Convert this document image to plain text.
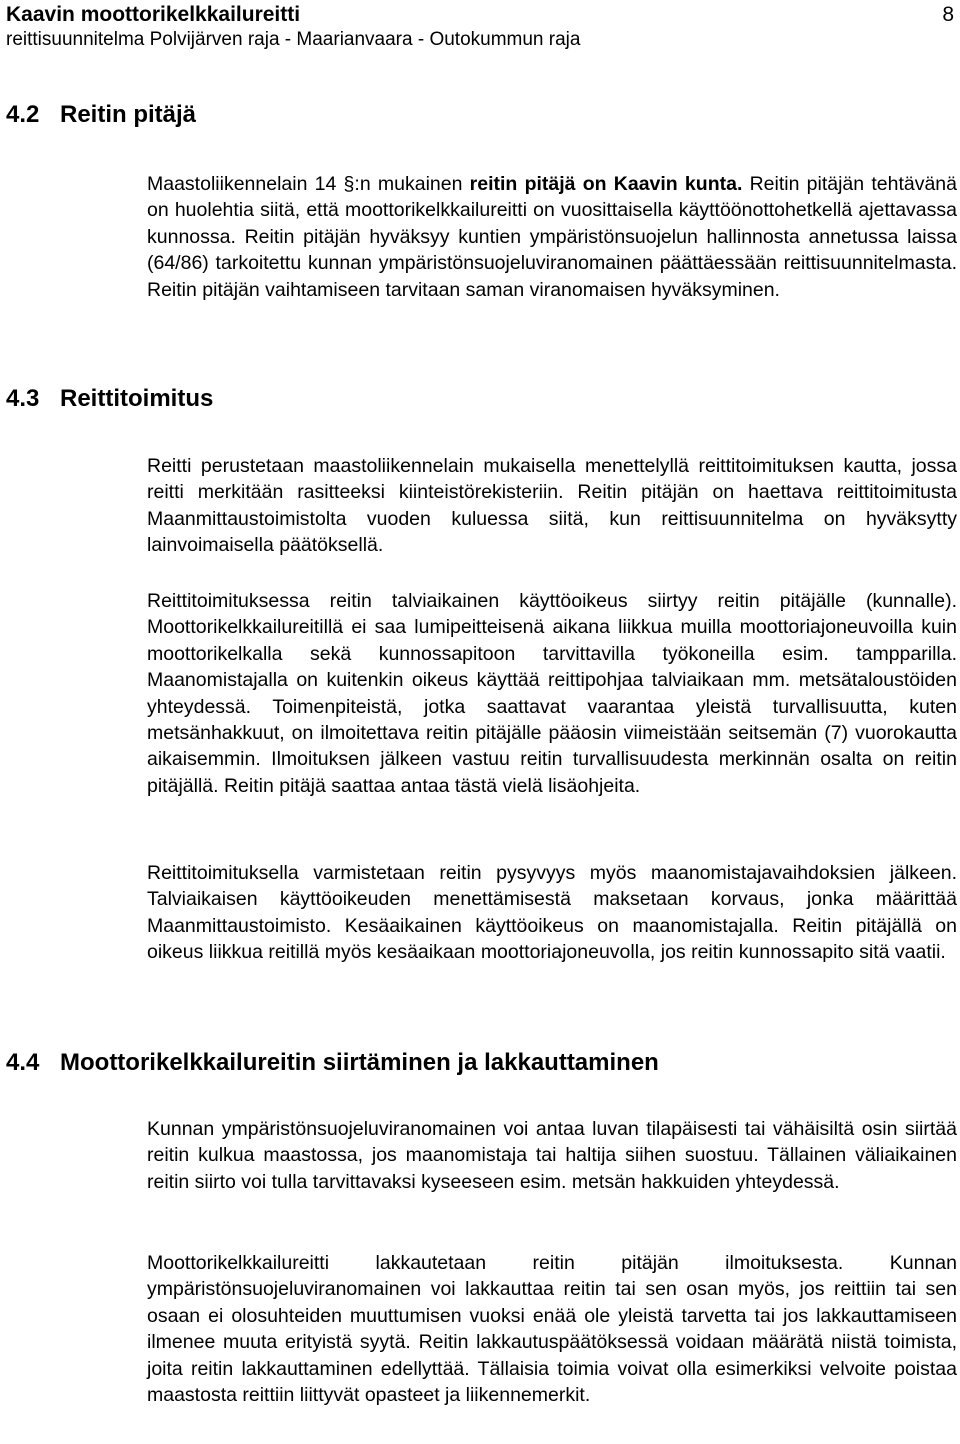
Kaavin moottorikelkkailureitti
reittisuunnitelma Polvijärven raja - Maarianvaara - Outokummun raja
8
4.2 Reitin pitäjä

Maastoliikennelain 14 §:n mukainen reitin pitäjä on Kaavin kunta. Reitin pitäjän tehtävänä on huolehtia siitä, että moottorikelkkailureitti on vuosittaisella käyttöönottohetkellä ajettavassa kunnossa. Reitin pitäjän hyväksyy kuntien ympäristönsuojelun hallinnosta annetussa laissa (64/86) tarkoitettu kunnan ympäristönsuojeluviranomainen päättäessään reittisuunnitelmasta. Reitin pitäjän vaihtamiseen tarvitaan saman viranomaisen hyväksyminen.

4.3 Reittitoimitus

Reitti perustetaan maastoliikennelain mukaisella menettelyllä reittitoimituksen kautta, jossa reitti merkitään rasitteeksi kiinteistörekisteriin. Reitin pitäjän on haettava reittitoimitusta Maanmittaustoimistolta vuoden kuluessa siitä, kun reittisuunnitelma on hyväksytty lainvoimaisella päätöksellä.

Reittitoimituksessa reitin talviaikainen käyttöoikeus siirtyy reitin pitäjälle (kunnalle). Moottorikelkkailureitillä ei saa lumipeitteisenä aikana liikkua muilla moottoriajoneuvoilla kuin moottorikelkalla sekä kunnossapitoon tarvittavilla työkoneilla esim. tampparilla. Maanomistajalla on kuitenkin oikeus käyttää reittipohjaa talviaikaan mm. metsätaloustöiden yhteydessä. Toimenpiteistä, jotka saattavat vaarantaa yleistä turvallisuutta, kuten metsänhakkuut, on ilmoitettava reitin pitäjälle pääosin viimeistään seitsemän (7) vuorokautta aikaisemmin. Ilmoituksen jälkeen vastuu reitin turvallisuudesta merkinnän osalta on reitin pitäjällä. Reitin pitäjä saattaa antaa tästä vielä lisäohjeita.

Reittitoimituksella varmistetaan reitin pysyvyys myös maanomistajavaihdoksien jälkeen. Talviaikaisen käyttöoikeuden menettämisestä maksetaan korvaus, jonka määrittää Maanmittaustoimisto. Kesäaikainen käyttöoikeus on maanomistajalla. Reitin pitäjällä on oikeus liikkua reitillä myös kesäaikaan moottoriajoneuvolla, jos reitin kunnossapito sitä vaatii.

4.4 Moottorikelkkailureitin siirtäminen ja lakkauttaminen

Kunnan ympäristönsuojeluviranomainen voi antaa luvan tilapäisesti tai vähäisiltä osin siirtää reitin kulkua maastossa, jos maanomistaja tai haltija siihen suostuu. Tällainen väliaikainen reitin siirto voi tulla tarvittavaksi kyseeseen esim. metsän hakkuiden yhteydessä.

Moottorikelkkailureitti lakkautetaan reitin pitäjän ilmoituksesta. Kunnan ympäristönsuojeluviranomainen voi lakkauttaa reitin tai sen osan myös, jos reittiin tai sen osaan ei olosuhteiden muuttumisen vuoksi enää ole yleistä tarvetta tai jos lakkauttamiseen ilmenee muuta erityistä syytä. Reitin lakkautuspäätöksessä voidaan määrätä niistä toimista, joita reitin lakkauttaminen edellyttää. Tällaisia toimia voivat olla esimerkiksi velvoite poistaa maastosta reittiin liittyvät opasteet ja liikennemerkit.
